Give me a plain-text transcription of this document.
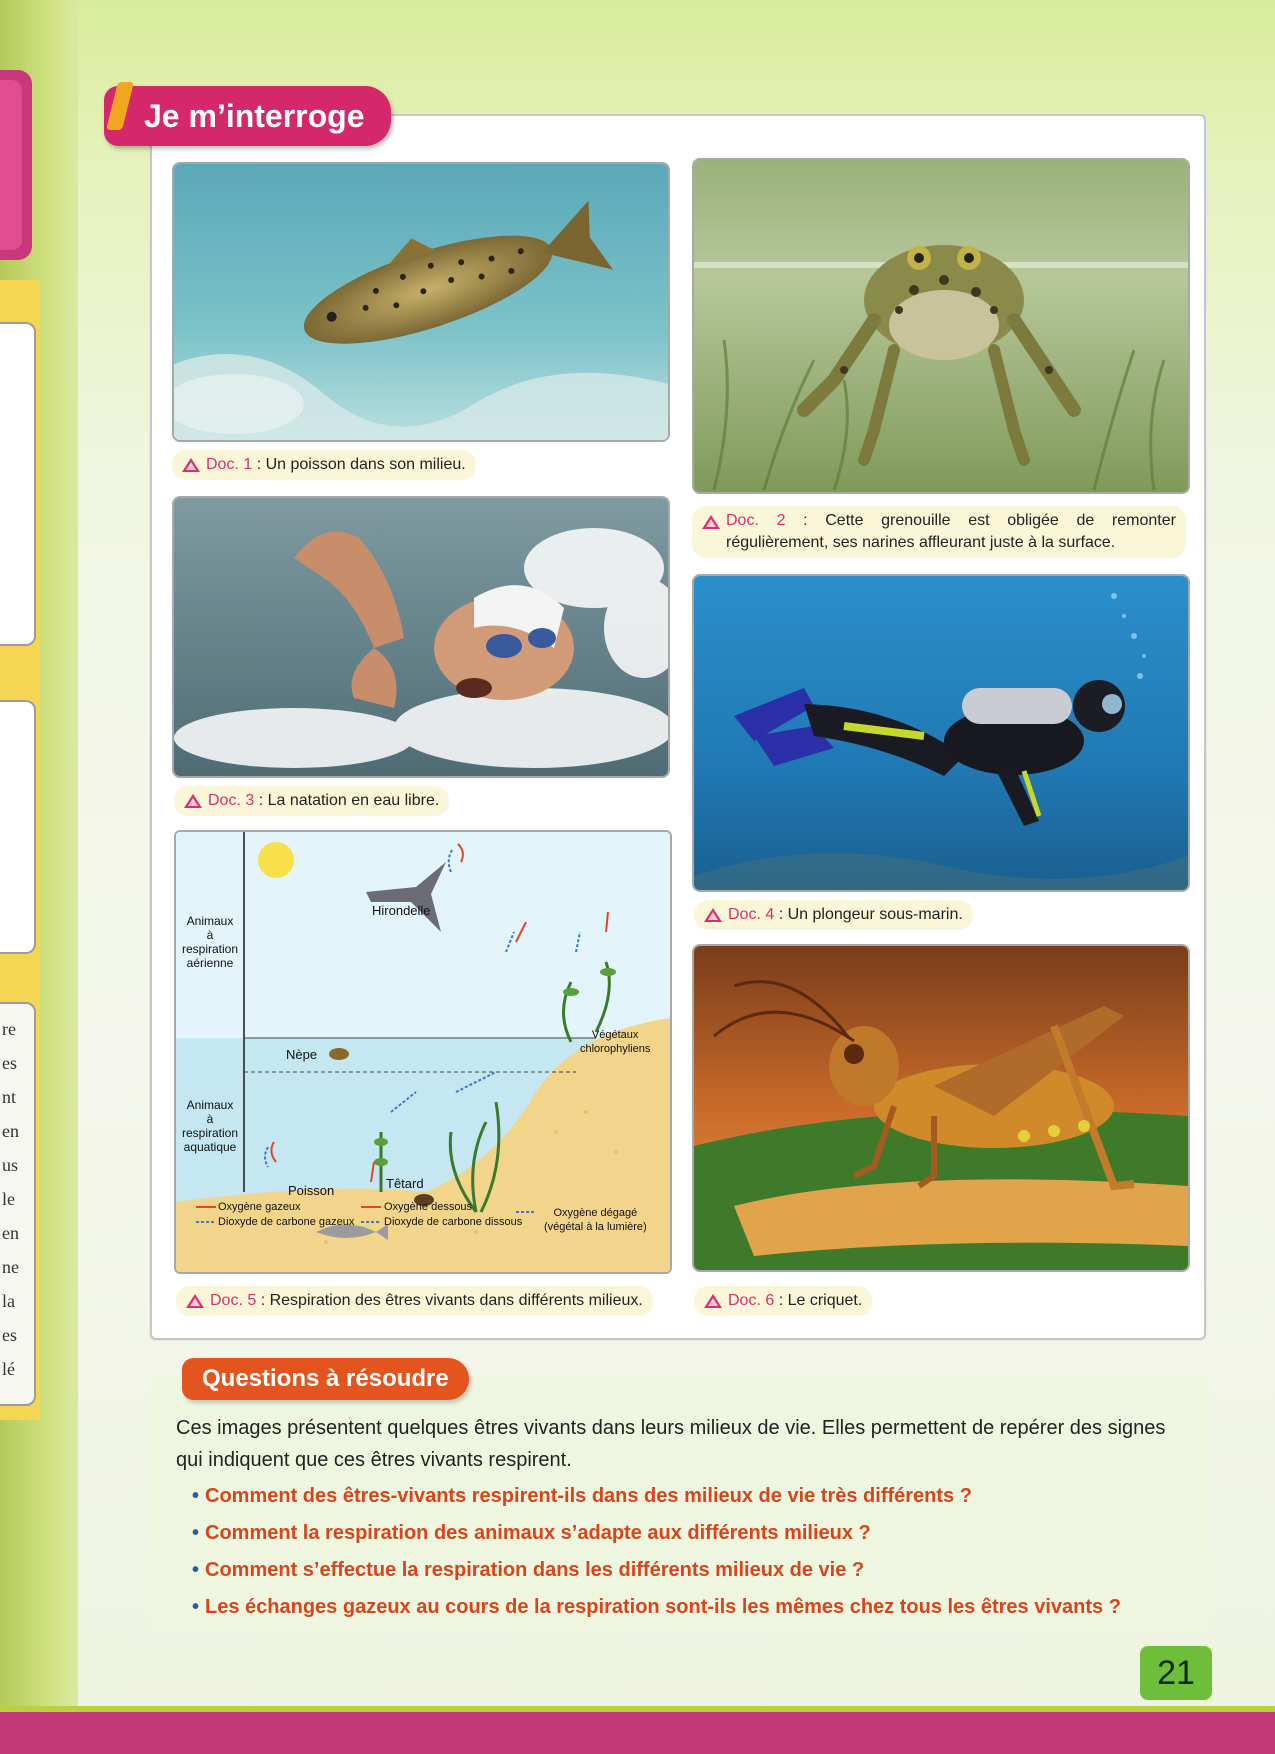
re
es
nt
en
us
le
en
ne
la
es
lé
Je m’interroge
Doc. 1 : Un poisson dans son milieu.
Doc. 2 : Cette grenouille est obligée de remonter régulièrement, ses narines affleurant juste à la surface.
Doc. 3 : La natation en eau libre.
Doc. 4 : Un plongeur sous-marin.
Animaux
à respiration
aérienne
Animaux
à respiration
aquatique
Hirondelle
Nèpe
Végétaux
chlorophyliens
Têtard
Poisson
Oxygène gazeux
Dioxyde de carbone gazeux
Oxygène dessous
Dioxyde de carbone dissous
Oxygène dégagé
(végétal à la lumière)
Doc. 5 : Respiration des êtres vivants dans différents milieux.	Doc. 6 : Le criquet.
Questions à résoudre
Ces images présentent quelques êtres vivants dans leurs milieux de vie. Elles permettent de repérer des signes qui indiquent que ces êtres vivants respirent.
• Comment des êtres-vivants respirent-ils dans des milieux de vie très différents ?
• Comment la respiration des animaux s’adapte aux différents milieux ?
• Comment s’effectue la respiration dans les différents milieux de vie ?
• Les échanges gazeux au cours de la respiration sont-ils les mêmes chez tous les êtres vivants ?
21
